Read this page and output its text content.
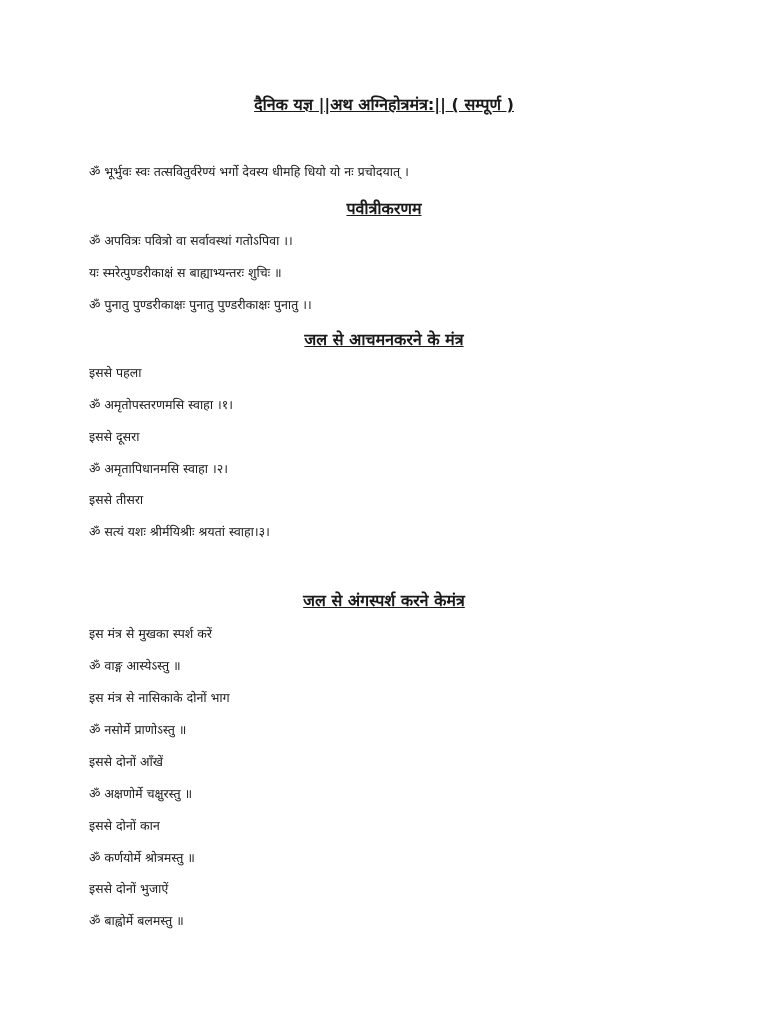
दैनिक यज्ञ ||अथ अग्निहोत्रमंत्र:|| ( सम्पूर्ण )

ॐ भूर्भुवः स्वः तत्सवितुर्वरेण्यं भर्गो देवस्य धीमहि धियो यो नः प्रचोदयात् ।

पवीत्रीकरणम

ॐ अपवित्रः पवित्रो वा सर्वावस्थां गतोऽपिवा ।।

यः स्मरेत्पुण्डरीकाक्षं स बाह्याभ्यन्तरः शुचिः ॥

ॐ पुनातु पुण्डरीकाक्षः पुनातु पुण्डरीकाक्षः पुनातु ।।

जल से आचमनकरने के मंत्र

इससे पहला

ॐ अमृतोपस्तरणमसि स्वाहा ।१।

इससे दूसरा

ॐ अमृतापिधानमसि स्वाहा ।२।

इससे तीसरा

ॐ सत्यं यशः श्रीर्मयिश्रीः श्रयतां स्वाहा।३।

जल से अंगस्पर्श करने केमंत्र

इस मंत्र से मुखका स्पर्श करें

ॐ वाङ्ग आस्येऽस्तु ॥

इस मंत्र से नासिकाके दोनों भाग

ॐ नसोर्मे प्राणोऽस्तु ॥

इससे दोनों आँखें

ॐ अक्षणोर्मे चक्षुरस्तु ॥

इससे दोनों कान

ॐ कर्णयोर्मे श्रोत्रमस्तु ॥

इससे दोनों भुजाऐं

ॐ बाह्वोर्मे बलमस्तु ॥
